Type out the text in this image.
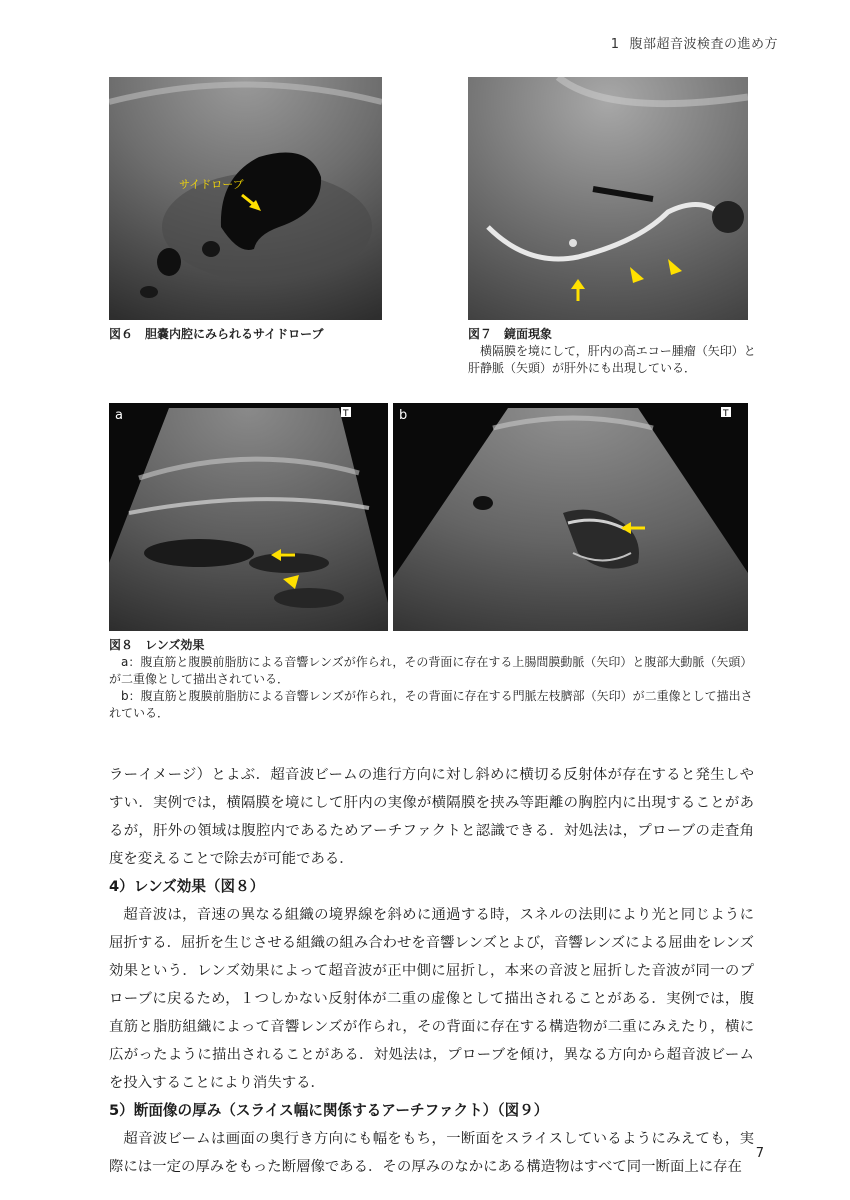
1 腹部超音波検査の進め方
サイドローブ
図６　胆嚢内腔にみられるサイドローブ	図７　鏡面現象
横隔膜を境にして，肝内の高エコー腫瘤（矢印）と肝静脈（矢頭）が肝外にも出現している．
a	T	b	T
図８　レンズ効果
a：腹直筋と腹膜前脂肪による音響レンズが作られ，その背面に存在する上腸間膜動脈（矢印）と腹部大動脈（矢頭）が二重像として描出されている．
b：腹直筋と腹膜前脂肪による音響レンズが作られ，その背面に存在する門脈左枝臍部（矢印）が二重像として描出されている．

ラーイメージ）とよぶ．超音波ビームの進行方向に対し斜めに横切る反射体が存在すると発生しやすい．実例では，横隔膜を境にして肝内の実像が横隔膜を挟み等距離の胸腔内に出現することがあるが，肝外の領域は腹腔内であるためアーチファクトと認識できる．対処法は，プローブの走査角度を変えることで除去が可能である．

4）レンズ効果（図８）

超音波は，音速の異なる組織の境界線を斜めに通過する時，スネルの法則により光と同じように屈折する．屈折を生じさせる組織の組み合わせを音響レンズとよび，音響レンズによる屈曲をレンズ効果という．レンズ効果によって超音波が正中側に屈折し，本来の音波と屈折した音波が同一のプローブに戻るため，１つしかない反射体が二重の虚像として描出されることがある．実例では，腹直筋と脂肪組織によって音響レンズが作られ，その背面に存在する構造物が二重にみえたり，横に広がったように描出されることがある．対処法は，プローブを傾け，異なる方向から超音波ビームを投入することにより消失する．

5）断面像の厚み（スライス幅に関係するアーチファクト）（図９）

超音波ビームは画面の奥行き方向にも幅をもち，一断面をスライスしているようにみえても，実際には一定の厚みをもった断層像である．その厚みのなかにある構造物はすべて同一断面上に存在

7
